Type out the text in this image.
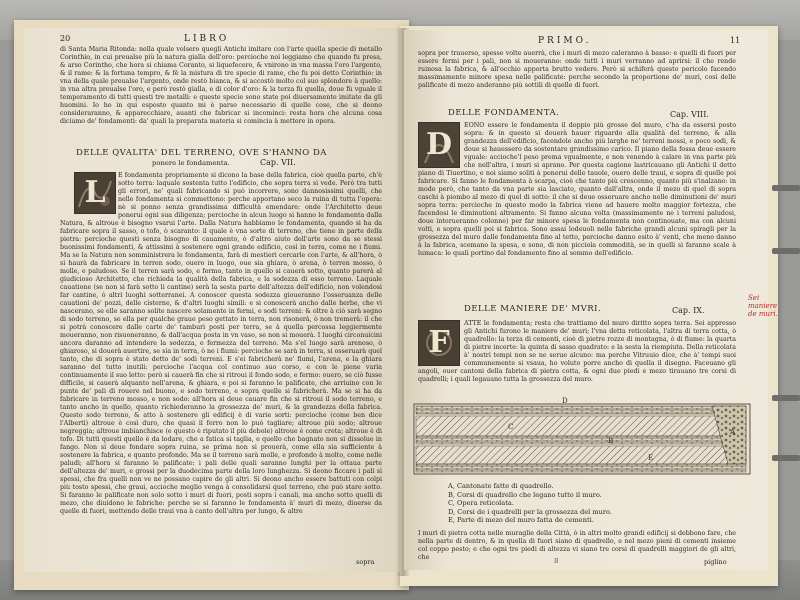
20	LIBRO

di Santa Maria Ritonda: nella quale volsero quegli Antichi imitare con l'arte quella specie di metallo Corinthio, in cui preualse più la natura gialla dell'oro: percioche noi leggiamo che quando fu presa, & arso Corintho, che hora si chiama Coranto, si liquefecero, & vnirono in vna massa l'oro l'argento, & il rame: & la fortuna tempro, & fè la mistura di tre specie di rame, che fu poi detto Corinthio: in vna della quale preualse l'argento, onde restò bianca, & si accostò molto col suo splendore à quello: in vna altra preualse l'oro, e però restò gialla, e di color d'oro: & la terza fù quella, doue fù vguale il temperamento di tutti questi tre metalli: e queste specie sono state poi diuersamente imitate da gli huomini. Io ho in qui esposto quanto mi è parso necessario di quelle cose, che si deono consideraranno, & apparecchiare, auanti che fabricar si incominci: resta hora che alcuna cosa diciamo de' fondamenti: da' quali la preparata materia si comincia à mettere in opera.

DELLE QVALITA' DEL TERRENO, OVE S'HANNO DA
ponere le fondamenta.	Cap. VII.
L	E fondamenta propriamente si dicono la base della fabrica, cioè quella parte, ch'è sotto terra: laquale sostenta tutto l'edificio, che sopra terra si vede. Però tra tutti gli errori, ne' quali fabricando si può incorrere, sono dannosissimi quelli, che nelle fondamenta si commettono: perche apportano seco la ruina di tutta l'opera: nè si ponno senza grandissima difficultà emendare: onde l'Architetto deue ponerui ogni sua diligenza; percioche in alcun luogo si hanno le fondamenta dalla Natura, & altroue è bisogno vsarui l'arte. Dalla Natura habbiamo le fondamenta, quando si ha da fabricare sopra il sasso, o tofo, ò scaranto: il quale è vna sorte di terreno, che tiene in parte della pietra: percioche questi senza bisogno di cauamento, ò d'altro aiuto dell'arte sono da se stessi buonissimi fondamenti, & attissimi à sostenere ogni grande edificio, così in terra, come ne i fiumi. Ma se la Natura non somministrera le fondamenta, farà di mestieri cercarle con l'arte, & all'hora, ò si haurà da fabricare in terren sodo, ouero in luogo, oue sia ghiara, ò arena, ò terren mosso, ò molle, e paludoso. Se il terren sarà sodo, e fermo, tanto in quello si cauerà sotto, quanto parerà al giudicioso Architetto, che richieda la qualità della fabrica, e la sodezza di esso terreno. Laquale cauatione (se non si farà sotto li cantine) serà la sesta parte dell'altezza dell'edificio, non volendosi far cantine, ò altri luoghi sotterranei. A conoscer questa sodezza gioueranno l'osseruanza delle cauationi de' pozzi, delle cisterne, & d'altri luoghi simili: e si conoscerà ancho dalle herbe, che vi nascerano, se elle saranno solite nascere solamente in fermi, e sodi terreni: & oltre à ciò sarà segno di sodo terreno, se ella per qualche graue peso gettato in terra, non risonerà, ò non tremerà: il che si potrà conoscere dalle carte de' tamburi posti per terra, se à quella percossa leggiermente moueranno, non risuoneranno, & dall'acqua posta in vn vaso, se non si mouerà. I luoghi circonuicini ancora daranno ad intendere la sodezza, e fermezza del terreno. Ma s'el luogo sarà arenoso, ò ghiaroso, si douerà auertire, se sia in terra, ò ne i fiumi: percioche se sarà in terra, si osseruarà quel tanto, che di sopra è stato detto de' sodi terreni. E s'ei fabricherà ne' fiumi, l'arena, e la ghiara saranno del tutto inutili: percioche l'acqua col continuo suo corso, e con le piene varia continuamente il suo letto: però si cauerà fin che si ritroui il fondo sodo, e fermo: ouero, se ciò fusse difficile, si cauerà alquanto nell'arena, & ghiara, e poi si faranno le palificate, che arriuino con le punte de' pali di rouere nel buono, e sodo terreno, e sopra quelle si fabricherà. Ma se si ha da fabricare in terreno mosso, e non sodo: all'hora si deue cauare fin che si ritroui il sodo terreno, e tanto ancho in quello, quanto richiederanno la grossezza de' muri, & la grandezza della fabrica. Questo sodo terreno, & atto à sostenere gli edificij è di varie sorti: percioche (come ben dice l'Alberti) altroue è così duro, che quasi il ferro non lo può tagliare; altroue più sodo; altroue negreggia; altroue imbianchisce (e questo è riputato il più debole) altroue è come creta; altroue è di tofo. Di tutti questi quello è da lodare, che a fatica si taglia, e quello che bagnato non si dissolue in fango. Non si deue fondare sopra ruina, se prima non si prouerà, come ella sia sufficiente à sostenere la fabrica, e quanto profondo. Ma se il terreno sarà molle, e profondo à molto, come nelle paludi; all'hora si faranno le palificate: i pali delle quali saranno lunghi per la ottaua parte dell'altezza de' muri, e grossi per la duodecima parte della loro lunghezza. Si deono ficcare i pali sì spessi, che fra quelli non ve ne possano capire de gli altri. Si deono ancho essere battuti con colpi più tosto spessi, che graui, accioche meglio venga à consolidarsi quel terreno, che può stare sotto. Si faranno le palificate non solo sotto i muri di fuori, posti sopra i canali, ma ancho sotto quelli di mezo, che diuidono le fabriche: perche se si faranno le fondamenta à' muri di mezo, diuerse da quelle di fuori, mettendo delle traui vna à canto dell'altra per lungo, & altre

sopra
PRIMO.	11

sopra per trauerso, spesse volte auerrà, che i muri di mezo caleranno à basso: e quelli di fuori per essere fermi per i pali, non si moueranno: onde tutti i muri verranno ad aprirsi: il che rende ruinosa la fabrica, & all'occhio apporta brutto vedere. Però si schiferà questo pericolo facendo massimamente minore spesa nelle palificate: perche secondo la proportione de' muri, così delle palificate di mezo anderanno più sottili di quelle di fuori.

DELLE FONDAMENTA.	Cap. VIII.
D

EONO essere le fondamenta il doppio più grosse del muro, c'ha da essersi posto sopra: & in questo si douerà hauer riguardo alla qualità del terreno, & alla grandezza dell'edificio, facendole ancho più larghe ne' terreni mossi, e poco sodi, & doue si hauessero da sostentare grandissimo carico. Il piano della fossa deue essere vguale: accioche'l peso prema vgualmente, e non venendo à calare in vna parte più che nell'altra, i muri si aprano. Per questa cagione lastricauano gli Antichi il detto piano di Tiuertino, e noi siamo soliti à ponerui delle tauole, ouero delle traui, e sopra di quelle poi fabricare. Si fanno le fondamenta à scarpa, cioè che tanto più crescenno, quanto più s'inalzano: in modo però, che tanto da vna parte sia lasciato, quanto dall'altra, onde il mezo di quel di sopra caschi à piombo al mezo di quel di sotto: il che si deue osseruare ancho nelle diminutioni de' muri sopra terra: percioche in questo modo la fabrica viene ad hauere molto maggior fortezza, che facendosi le diminutioni altramente. Si fanno alcuna volta (massimamente ne i terreni paludosi, doue interueranno colonne) per far minore spesa le fondamenta non continouate, ma con alcuni volti, e sopra quelli poi si fabrica. Sono assai lodeuoli nelle fabriche grandi alcuni spiragli per la grossezza del muro dalle fondamenta fino al tetto, percioche danno esito à' venti, che meno danno à la fabrica, scemano la spesa, e sono, di non picciola commodità, se in quelli si faranno scale à lumaca: le quali portino dal fondamento fino al sommo dell'edificio.

DELLE MANIERE DE' MVRI.	Cap. IX.
F

ATTE le fondamenta; resta che trattiamo del muro diritto sopra terra. Sei appresso gli Antichi furono le maniere de' muri; l'vna detta reticolata, l'altra di terra cotta, ò quadrello: la terza di cementi, cioè di pietre rozze di montagna, ò di fiume: la quarta di pietre incerte: la quinta di sasso quadrato: e la sesta la riempiuta. Della reticolata à' nostri tempi non se ne serue alcuno: ma perche Vitruuio dice, che à' tempi suoi communemente si vsaua, ho voluto porre ancho di quella il disegno. Faceuano gli angoli, ouer cantoni della fabrica di pietra cotta, & ogni due piedi e mezo tirauano tre corsi di quadrelli; i quali legauano tutta la grossezza del muro.

D
C
B
A
E
A, Cantonate fatte di quadrello.
B, Corsi di quadrello che legano tutto il muro.
C, Opera reticolata.
D, Corsi de i quadrelli per la grossezza del muro.
E, Parte di mezo del muro fatta de cementi.

I muri di pietra cotta nelle muraglie della Città, ò in altri molto grandi edificij si debbono fare, che nella parte di dentro, & in quella di fuori siano di quadrello, e nel mezo pieni di cementi insieme col coppo pesto; e che ogni tre piedi di altezza vi siano tre corsi di quadrelli maggiori de gli altri, che

B	piglino
Sei maniere de muri.
